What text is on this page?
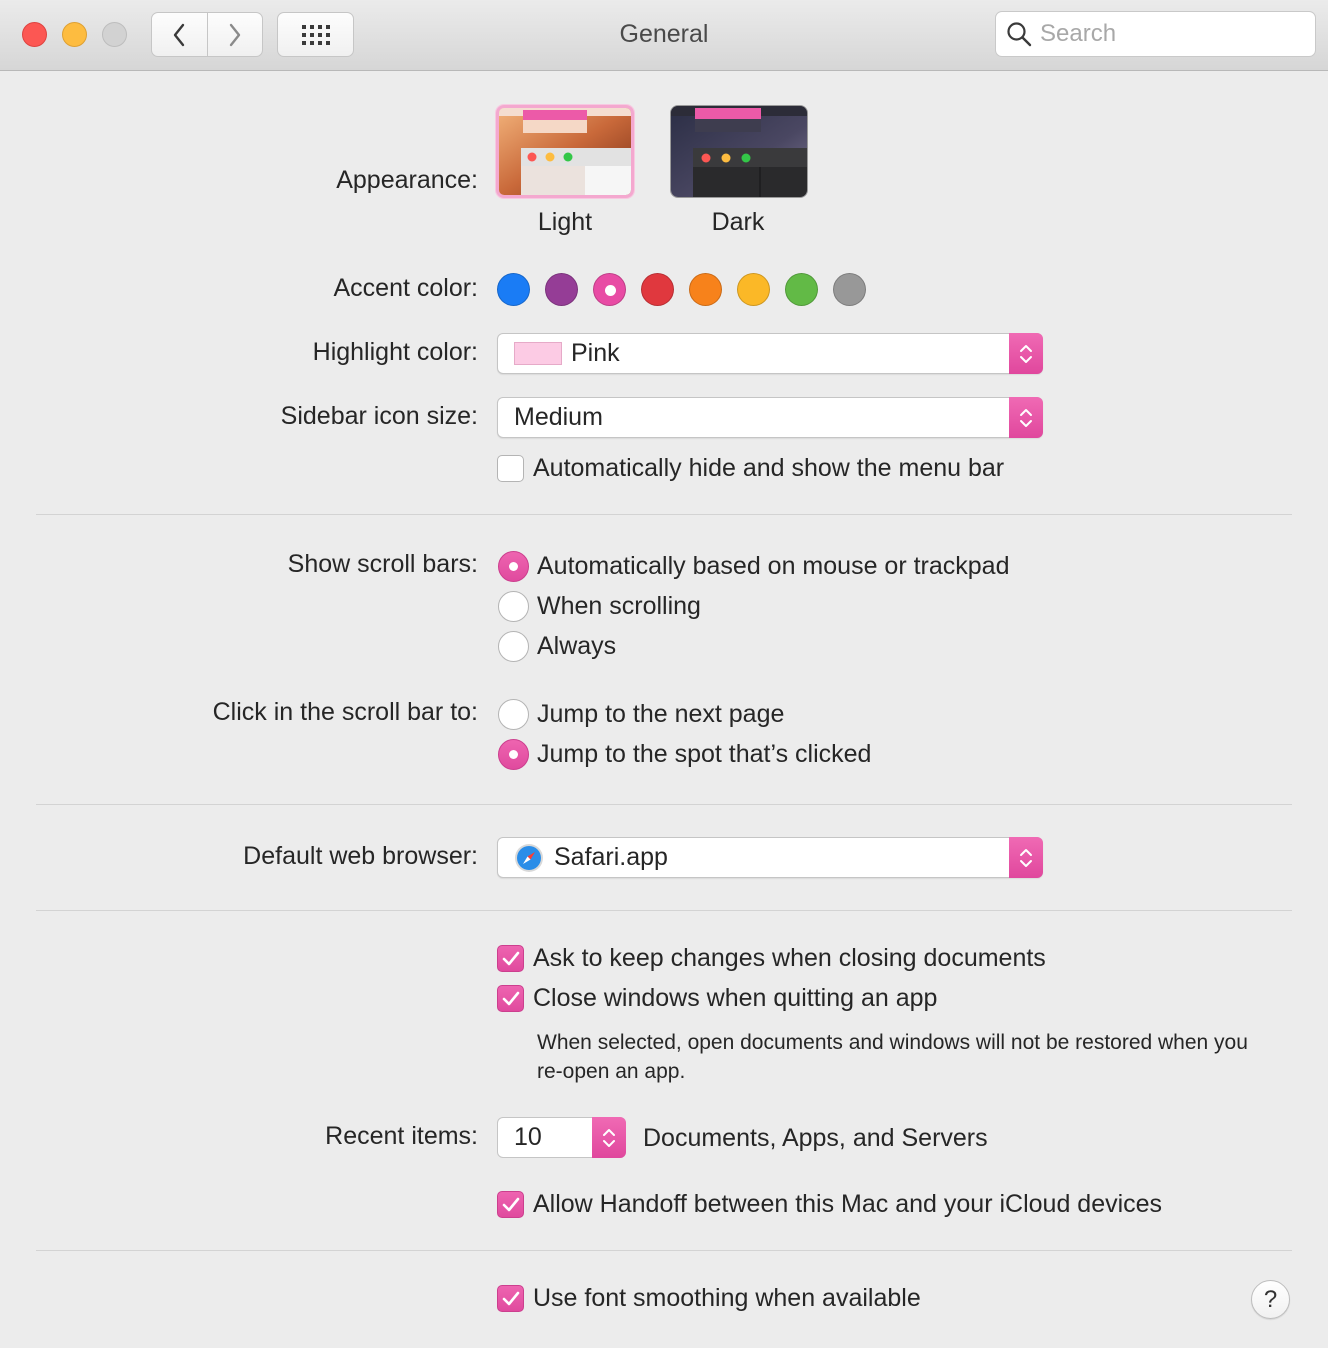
General
Search
Appearance:
Light	Dark
Accent color:
Highlight color:	Pink
Sidebar icon size: Medium
Automatically hide and show the menu bar
Show scroll bars: Automatically based on mouse or trackpad
When scrolling
Always
Click in the scroll bar to: Jump to the next page
Jump to the spot that’s clicked
Default web browser:	Safari.app
Ask to keep changes when closing documents
Close windows when quitting an app
When selected, open documents and windows will not be restored when you re-open an app.
Recent items:
10	Documents, Apps, and Servers
Allow Handoff between this Mac and your iCloud devices
Use font smoothing when available	?
